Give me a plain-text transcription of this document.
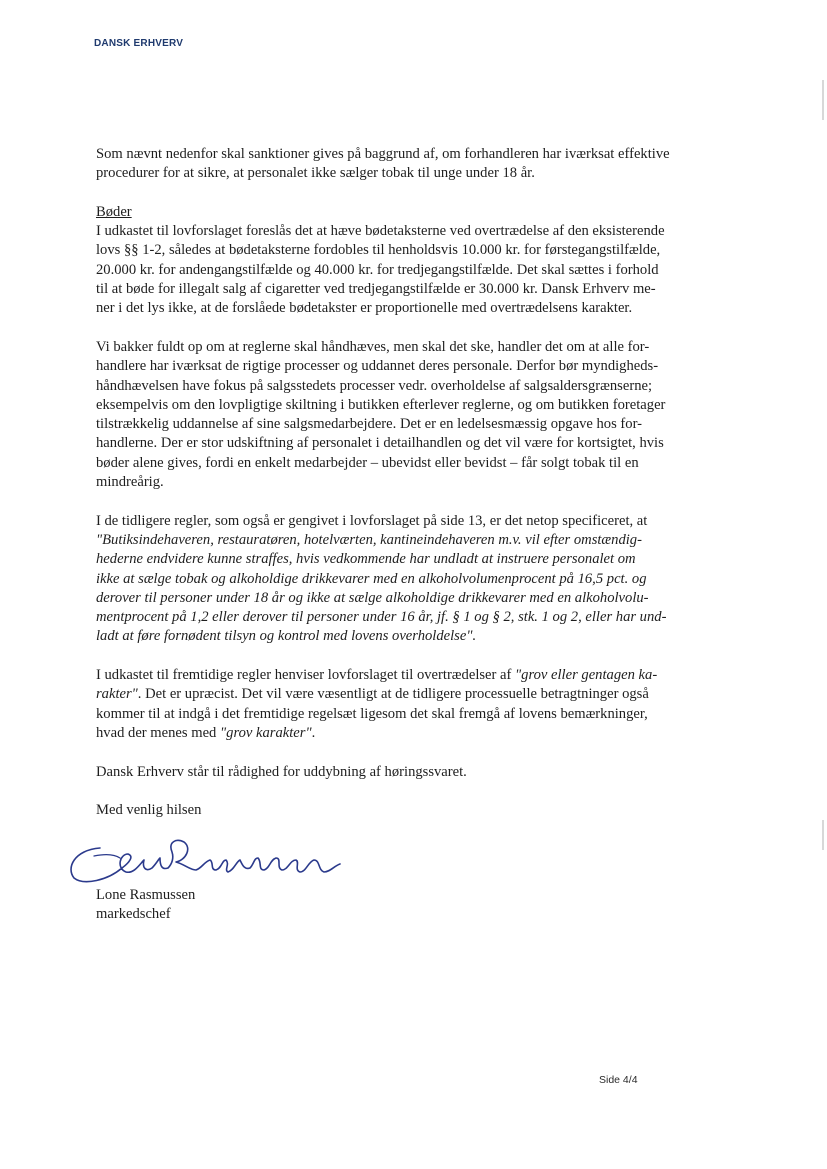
DANSK ERHVERV

Som nævnt nedenfor skal sanktioner gives på baggrund af, om forhandleren har iværksat effektive
procedurer for at sikre, at personalet ikke sælger tobak til unge under 18 år.

Bøder
I udkastet til lovforslaget foreslås det at hæve bødetaksterne ved overtrædelse af den eksisterende
lovs §§ 1-2, således at bødetaksterne fordobles til henholdsvis 10.000 kr. for førstegangstilfælde,
20.000 kr. for andengangstilfælde og 40.000 kr. for tredjegangstilfælde. Det skal sættes i forhold
til at bøde for illegalt salg af cigaretter ved tredjegangstilfælde er 30.000 kr. Dansk Erhverv me-
ner i det lys ikke, at de forslåede bødetakster er proportionelle med overtrædelsens karakter.

Vi bakker fuldt op om at reglerne skal håndhæves, men skal det ske, handler det om at alle for-
handlere har iværksat de rigtige processer og uddannet deres personale. Derfor bør myndigheds-
håndhævelsen have fokus på salgsstedets processer vedr. overholdelse af salgsaldersgrænserne;
eksempelvis om den lovpligtige skiltning i butikken efterlever reglerne, og om butikken foretager
tilstrækkelig uddannelse af sine salgsmedarbejdere. Det er en ledelsesmæssig opgave hos for-
handlerne. Der er stor udskiftning af personalet i detailhandlen og det vil være for kortsigtet, hvis
bøder alene gives, fordi en enkelt medarbejder – ubevidst eller bevidst – får solgt tobak til en
mindreårig.

I de tidligere regler, som også er gengivet i lovforslaget på side 13, er det netop specificeret, at
"Butiksindehaveren, restauratøren, hotelværten, kantineindehaveren m.v. vil efter omstændig-
hederne endvidere kunne straffes, hvis vedkommende har undladt at instruere personalet om
ikke at sælge tobak og alkoholdige drikkevarer med en alkoholvolumenprocent på 16,5 pct. og
derover til personer under 18 år og ikke at sælge alkoholdige drikkevarer med en alkoholvolu-
mentprocent på 1,2 eller derover til personer under 16 år, jf. § 1 og § 2, stk. 1 og 2, eller har und-
ladt at føre fornødent tilsyn og kontrol med lovens overholdelse".

I udkastet til fremtidige regler henviser lovforslaget til overtrædelser af "grov eller gentagen ka-
rakter". Det er upræcist. Det vil være væsentligt at de tidligere processuelle betragtninger også
kommer til at indgå i det fremtidige regelsæt ligesom det skal fremgå af lovens bemærkninger,
hvad der menes med "grov karakter".

Dansk Erhverv står til rådighed for uddybning af høringssvaret.

Med venlig hilsen

Lone Rasmussen
markedschef
Side 4/4
